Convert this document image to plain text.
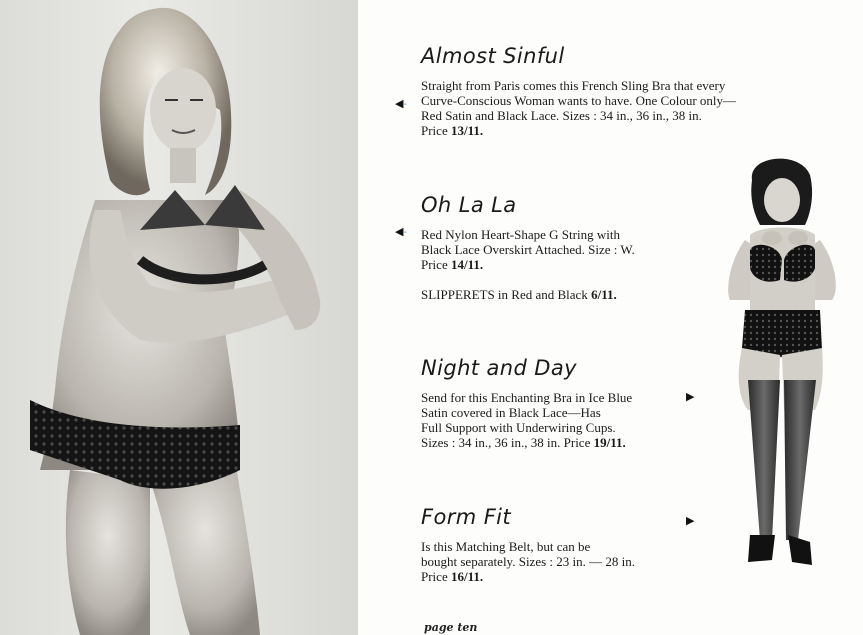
◀-
◀-
▶
▶
Almost Sinful

Straight from Paris comes this French Sling Bra that every
Curve-Conscious Woman wants to have. One Colour only—
Red Satin and Black Lace. Sizes : 34 in., 36 in., 38 in.
Price 13/11.

Oh La La

Red Nylon Heart-Shape G String with
Black Lace Overskirt Attached. Size : W.
Price 14/11.

SLIPPERETS in Red and Black 6/11.

Night and Day

Send for this Enchanting Bra in Ice Blue
Satin covered in Black Lace—Has
Full Support with Underwiring Cups.
Sizes : 34 in., 36 in., 38 in. Price 19/11.

Form Fit

Is this Matching Belt, but can be
bought separately. Sizes : 23 in. — 28 in.
Price 16/11.

page ten
